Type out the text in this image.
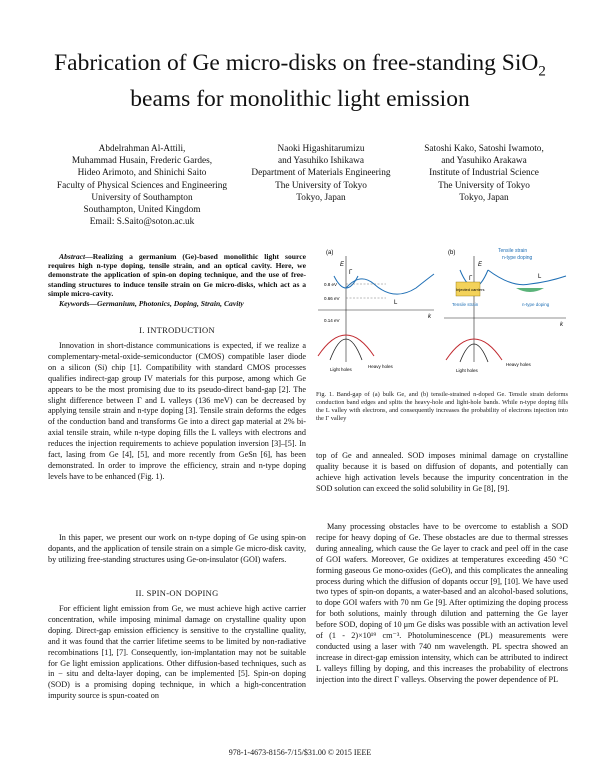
Fabrication of Ge micro-disks on free-standing SiO$_2$
beams for monolithic light emission
Abdelrahman Al-Attili,
Muhammad Husain, Frederic Gardes,
Hideo Arimoto, and Shinichi Saito
Faculty of Physical Sciences and Engineering
University of Southampton
Southampton, United Kingdom
Email: S.Saito@soton.ac.uk
Naoki Higashitarumizu
and Yasuhiko Ishikawa
Department of Materials Engineering
The University of Tokyo
Tokyo, Japan
Satoshi Kako, Satoshi Iwamoto,
and Yasuhiko Arakawa
Institute of Industrial Science
The University of Tokyo
Tokyo, Japan
Abstract—Realizing a germanium (Ge)-based monolithic light source requires high n-type doping, tensile strain, and an optical cavity. Here, we demonstrate the application of spin-on doping technique, and the use of free-standing structures to induce tensile strain on Ge micro-disks, which act as a simple micro-cavity.
Keywords—Germanium, Photonics, Doping, Strain, Cavity
I. INTRODUCTION

Innovation in short-distance communications is expected, if we realize a complementary-metal-oxide-semiconductor (CMOS) compatible laser diode on a silicon (Si) chip [1]. Compatibility with standard CMOS processes qualifies indirect-gap group IV materials for this purpose, among which Ge appears to be the most promising due to its pseudo-direct band-gap [2]. The slight difference between Γ and L valleys (136 meV) can be decreased by applying tensile strain and n-type doping [3]. Tensile strain deforms the edges of the conduction band and transforms Ge into a direct gap material at 2% bi-axial tensile strain, while n-type doping fills the L valleys with electrons and reduces the injection requirements to achieve population inversion [3]–[5]. In fact, lasing from Ge [4], [5], and more recently from GeSn [6], has been demonstrated. In order to improve the efficiency, strain and n-type doping levels have to be enhanced (Fig. 1).

In this paper, we present our work on n-type doping of Ge using spin-on dopants, and the application of tensile strain on a simple Ge micro-disk cavity, by utilizing free-standing structures using Ge-on-insulator (GOI) wafers.

II. SPIN-ON DOPING

For efficient light emission from Ge, we must achieve high active carrier concentration, while imposing minimal damage on crystalline quality upon doping. Direct-gap emission efficiency is sensitive to the crystalline quality, and it was found that the carrier lifetime seems to be limited by non-radiative recombinations [1], [7]. Consequently, ion-implantation may not be suitable for Ge light emission applications. Other diffusion-based techniques, such as in − situ and delta-layer doping, can be implemented [5]. Spin-on doping (SOD) is a promising doping technique, in which a high-concentration impurity source is spun-coated on

(a)
E
k
Γ
L
0.8 eV
0.66 eV
0.14 eV
Light holes
Heavy holes
(b)	Tensile strain
n-type doping
E
k
Γ	L
Injected carriers
Tensile strain	n-type doping
Light holes
Heavy holes
Fig. 1. Band-gap of (a) bulk Ge, and (b) tensile-strained n-doped Ge. Tensile strain deforms conduction band edges and splits the heavy-hole and light-hole bands. While n-type doping fills the L valley with electrons, and consequently increases the probability of electrons injection into the Γ valley

top of Ge and annealed. SOD imposes minimal damage on crystalline quality because it is based on diffusion of dopants, and potentially can achieve high activation levels because the impurity concentration in the SOD solution can exceed the solid solubility in Ge [8], [9].

Many processing obstacles have to be overcome to establish a SOD recipe for heavy doping of Ge. These obstacles are due to thermal stresses during annealing, which cause the Ge layer to crack and peel off in the case of GOI wafers. Moreover, Ge oxidizes at temperatures exceeding 450 °C forming gaseous Ge mono-oxides (GeO), and this complicates the annealing process during which the diffusion of dopants occur [9], [10]. We have used two types of spin-on dopants, a water-based and an alcohol-based solutions, to dope GOI wafers with 70 nm Ge [9]. After optimizing the doping process for both solutions, mainly through dilution and patterning the Ge layer before SOD, doping of 10 μm Ge disks was possible with an activation level of (1 - 2)×10¹⁹ cm⁻³. Photoluminescence (PL) measurements were conducted using a laser with 740 nm wavelength. PL spectra showed an increase in direct-gap emission intensity, which can be attributed to indirect L valleys filling by doping, and this increases the probability of electrons injection into the direct Γ valleys. Observing the power dependence of PL

978-1-4673-8156-7/15/$31.00 © 2015 IEEE
